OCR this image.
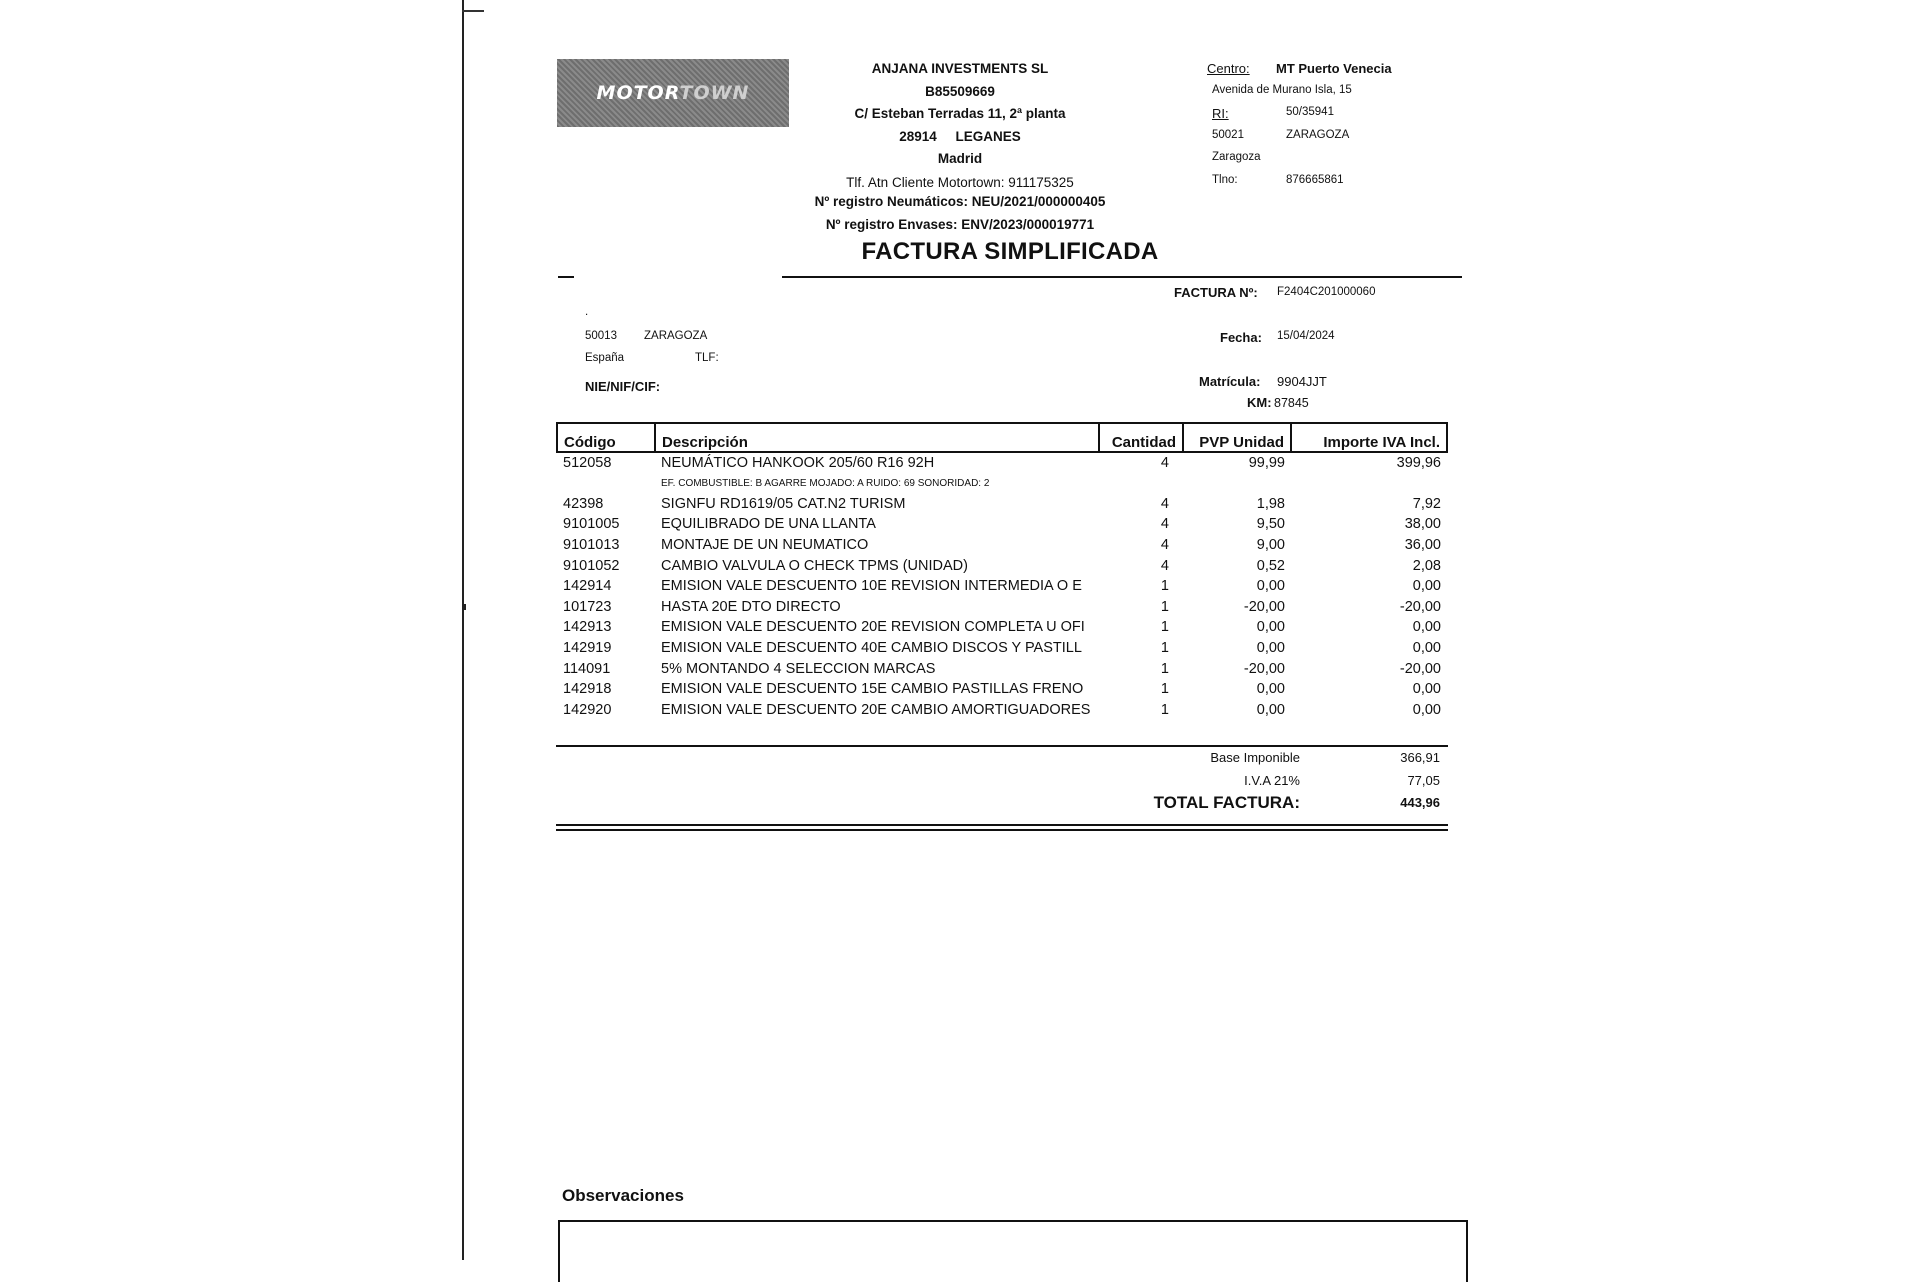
MOTORTOWN
ANJANA INVESTMENTS SL
B85509669
C/ Esteban Terradas 11, 2ª planta
28914 LEGANES
Madrid
Tlf. Atn Cliente Motortown: 911175325
Nº registro Neumáticos: NEU/2021/000000405
Nº registro Envases: ENV/2023/000019771
Centro: MT Puerto Venecia
Avenida de Murano Isla, 15
RI:	50/35941
50021	ZARAGOZA
Zaragoza
Tlno:	876665861
FACTURA SIMPLIFICADA
FACTURA Nº: F2404C201000060
Fecha: 15/04/2024
Matrícula: 9904JJT
KM: 87845
.
50013 ZARAGOZA
España	TLF:
NIE/NIF/CIF:
Código	Descripción	Cantidad	PVP Unidad	Importe IVA Incl.
512058	NEUMÁTICO HANKOOK 205/60 R16 92H	4	99,99	399,96
	EF. COMBUSTIBLE: B AGARRE MOJADO: A RUIDO: 69 SONORIDAD: 2			
42398	SIGNFU RD1619/05 CAT.N2 TURISM	4	1,98	7,92
9101005	EQUILIBRADO DE UNA LLANTA	4	9,50	38,00
9101013	MONTAJE DE UN NEUMATICO	4	9,00	36,00
9101052	CAMBIO VALVULA O CHECK TPMS (UNIDAD)	4	0,52	2,08
142914	EMISION VALE DESCUENTO 10E REVISION INTERMEDIA O E	1	0,00	0,00
101723	HASTA 20E DTO DIRECTO	1	-20,00	-20,00
142913	EMISION VALE DESCUENTO 20E REVISION COMPLETA U OFI	1	0,00	0,00
142919	EMISION VALE DESCUENTO 40E CAMBIO DISCOS Y PASTILL	1	0,00	0,00
114091	5% MONTANDO 4 SELECCION MARCAS	1	-20,00	-20,00
142918	EMISION VALE DESCUENTO 15E CAMBIO PASTILLAS FRENO	1	0,00	0,00
142920	EMISION VALE DESCUENTO 20E CAMBIO AMORTIGUADORES	1	0,00	0,00
Base Imponible	366,91
I.V.A 21%	77,05
TOTAL FACTURA:	443,96
Observaciones
